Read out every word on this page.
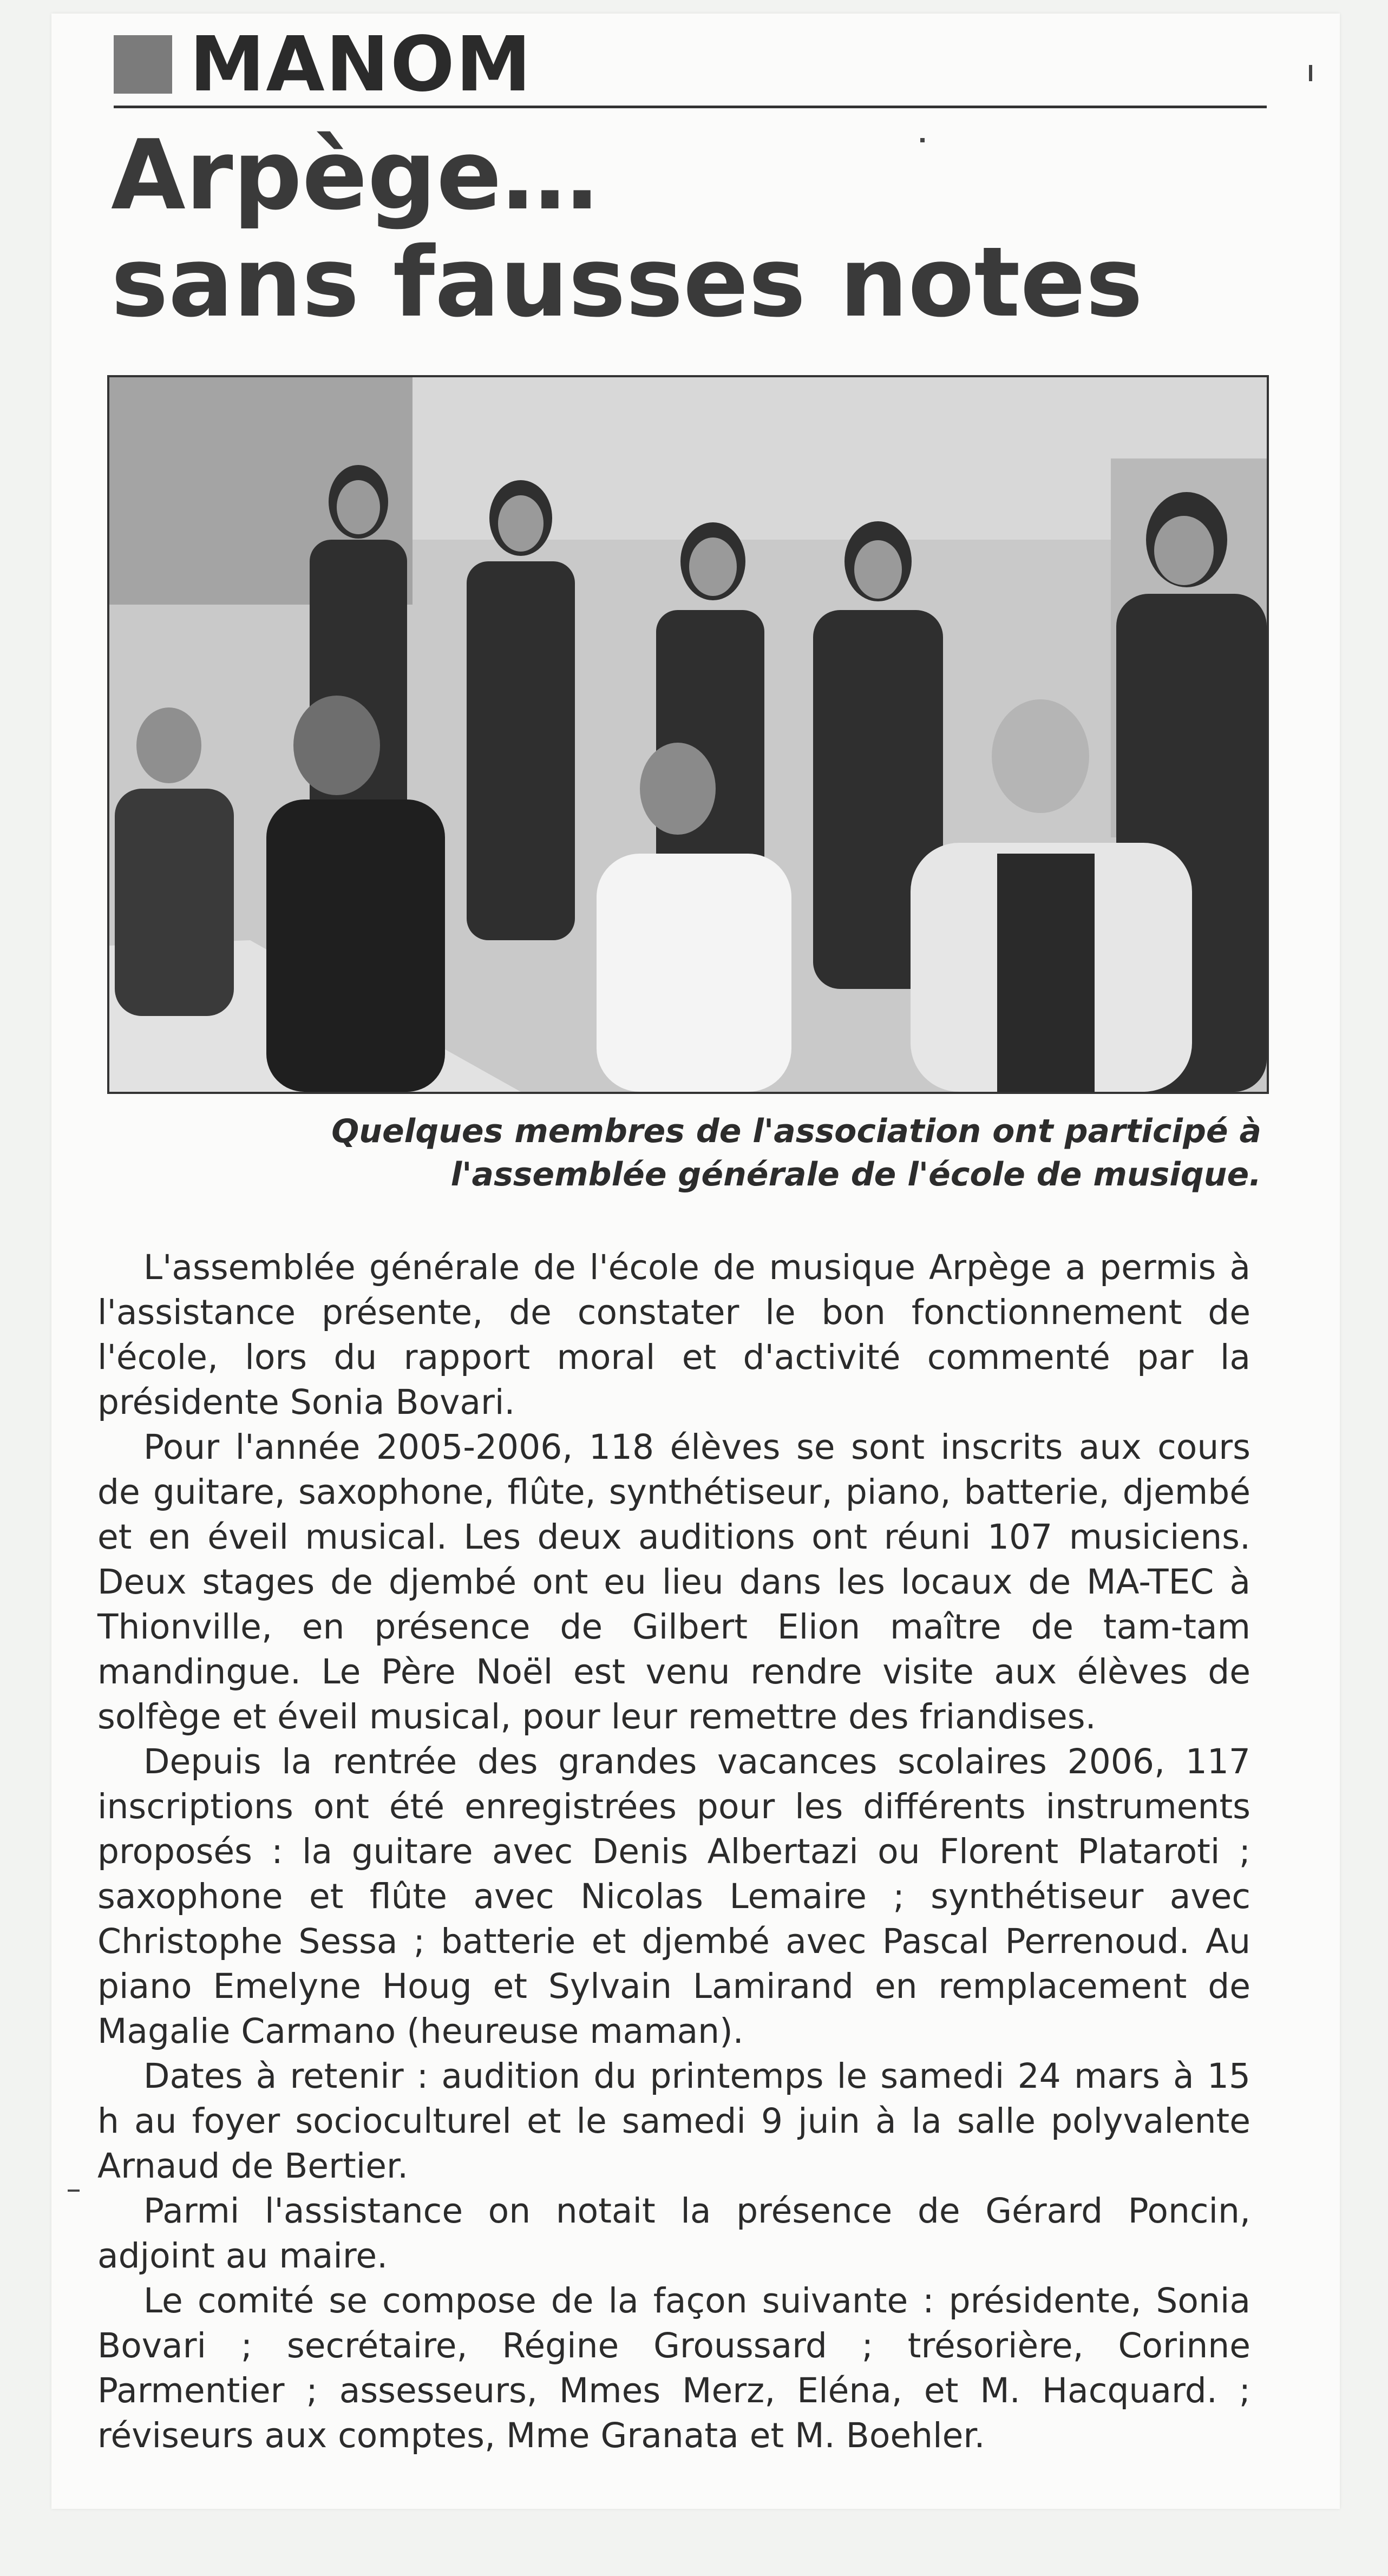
MANOM
Arpège…
sans fausses notes
Quelques membres de l'association ont participé à l'assemblée générale de l'école de musique.

L'assemblée générale de l'école de musique Arpège a permis à l'assistance présente, de constater le bon fonctionnement de l'école, lors du rapport moral et d'activité commenté par la présidente Sonia Bovari.

Pour l'année 2005-2006, 118 élèves se sont inscrits aux cours de guitare, saxophone, flûte, synthétiseur, piano, batterie, djembé et en éveil musical. Les deux auditions ont réuni 107 musiciens. Deux stages de djembé ont eu lieu dans les locaux de MA-TEC à Thionville, en présence de Gilbert Elion maître de tam-tam mandingue. Le Père Noël est venu rendre visite aux élèves de solfège et éveil musical, pour leur remettre des friandises.

Depuis la rentrée des grandes vacances scolaires 2006, 117 inscriptions ont été enregistrées pour les différents instruments proposés : la guitare avec Denis Albertazi ou Florent Plataroti ; saxophone et flûte avec Nicolas Lemaire ; synthétiseur avec Christophe Sessa ; batterie et djembé avec Pascal Perrenoud. Au piano Emelyne Houg et Sylvain Lamirand en remplacement de Magalie Carmano (heureuse maman).

Dates à retenir : audition du printemps le samedi 24 mars à 15 h au foyer socioculturel et le samedi 9 juin à la salle polyvalente Arnaud de Bertier.

Parmi l'assistance on notait la présence de Gérard Poncin, adjoint au maire.

Le comité se compose de la façon suivante : présidente, Sonia Bovari ; secrétaire, Régine Groussard ; trésorière, Corinne Parmentier ; assesseurs, Mmes Merz, Eléna, et M. Hacquard. ; réviseurs aux comptes, Mme Granata et M. Boehler.
